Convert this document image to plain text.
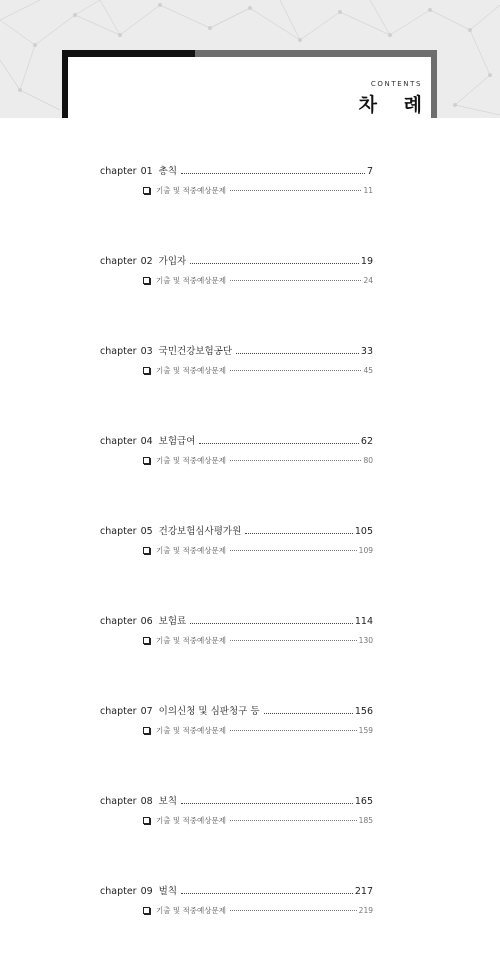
CONTENTS
차 례
chapter 01 총칙	7
기출 및 적중예상문제	11
chapter 02 가입자	19
기출 및 적중예상문제	24
chapter 03 국민건강보험공단	33
기출 및 적중예상문제	45
chapter 04 보험급여	62
기출 및 적중예상문제	80
chapter 05 건강보험심사평가원	105
기출 및 적중예상문제	109
chapter 06 보험료	114
기출 및 적중예상문제	130
chapter 07 이의신청 및 심판청구 등	156
기출 및 적중예상문제	159
chapter 08 보칙	165
기출 및 적중예상문제	185
chapter 09 벌칙	217
기출 및 적중예상문제	219
